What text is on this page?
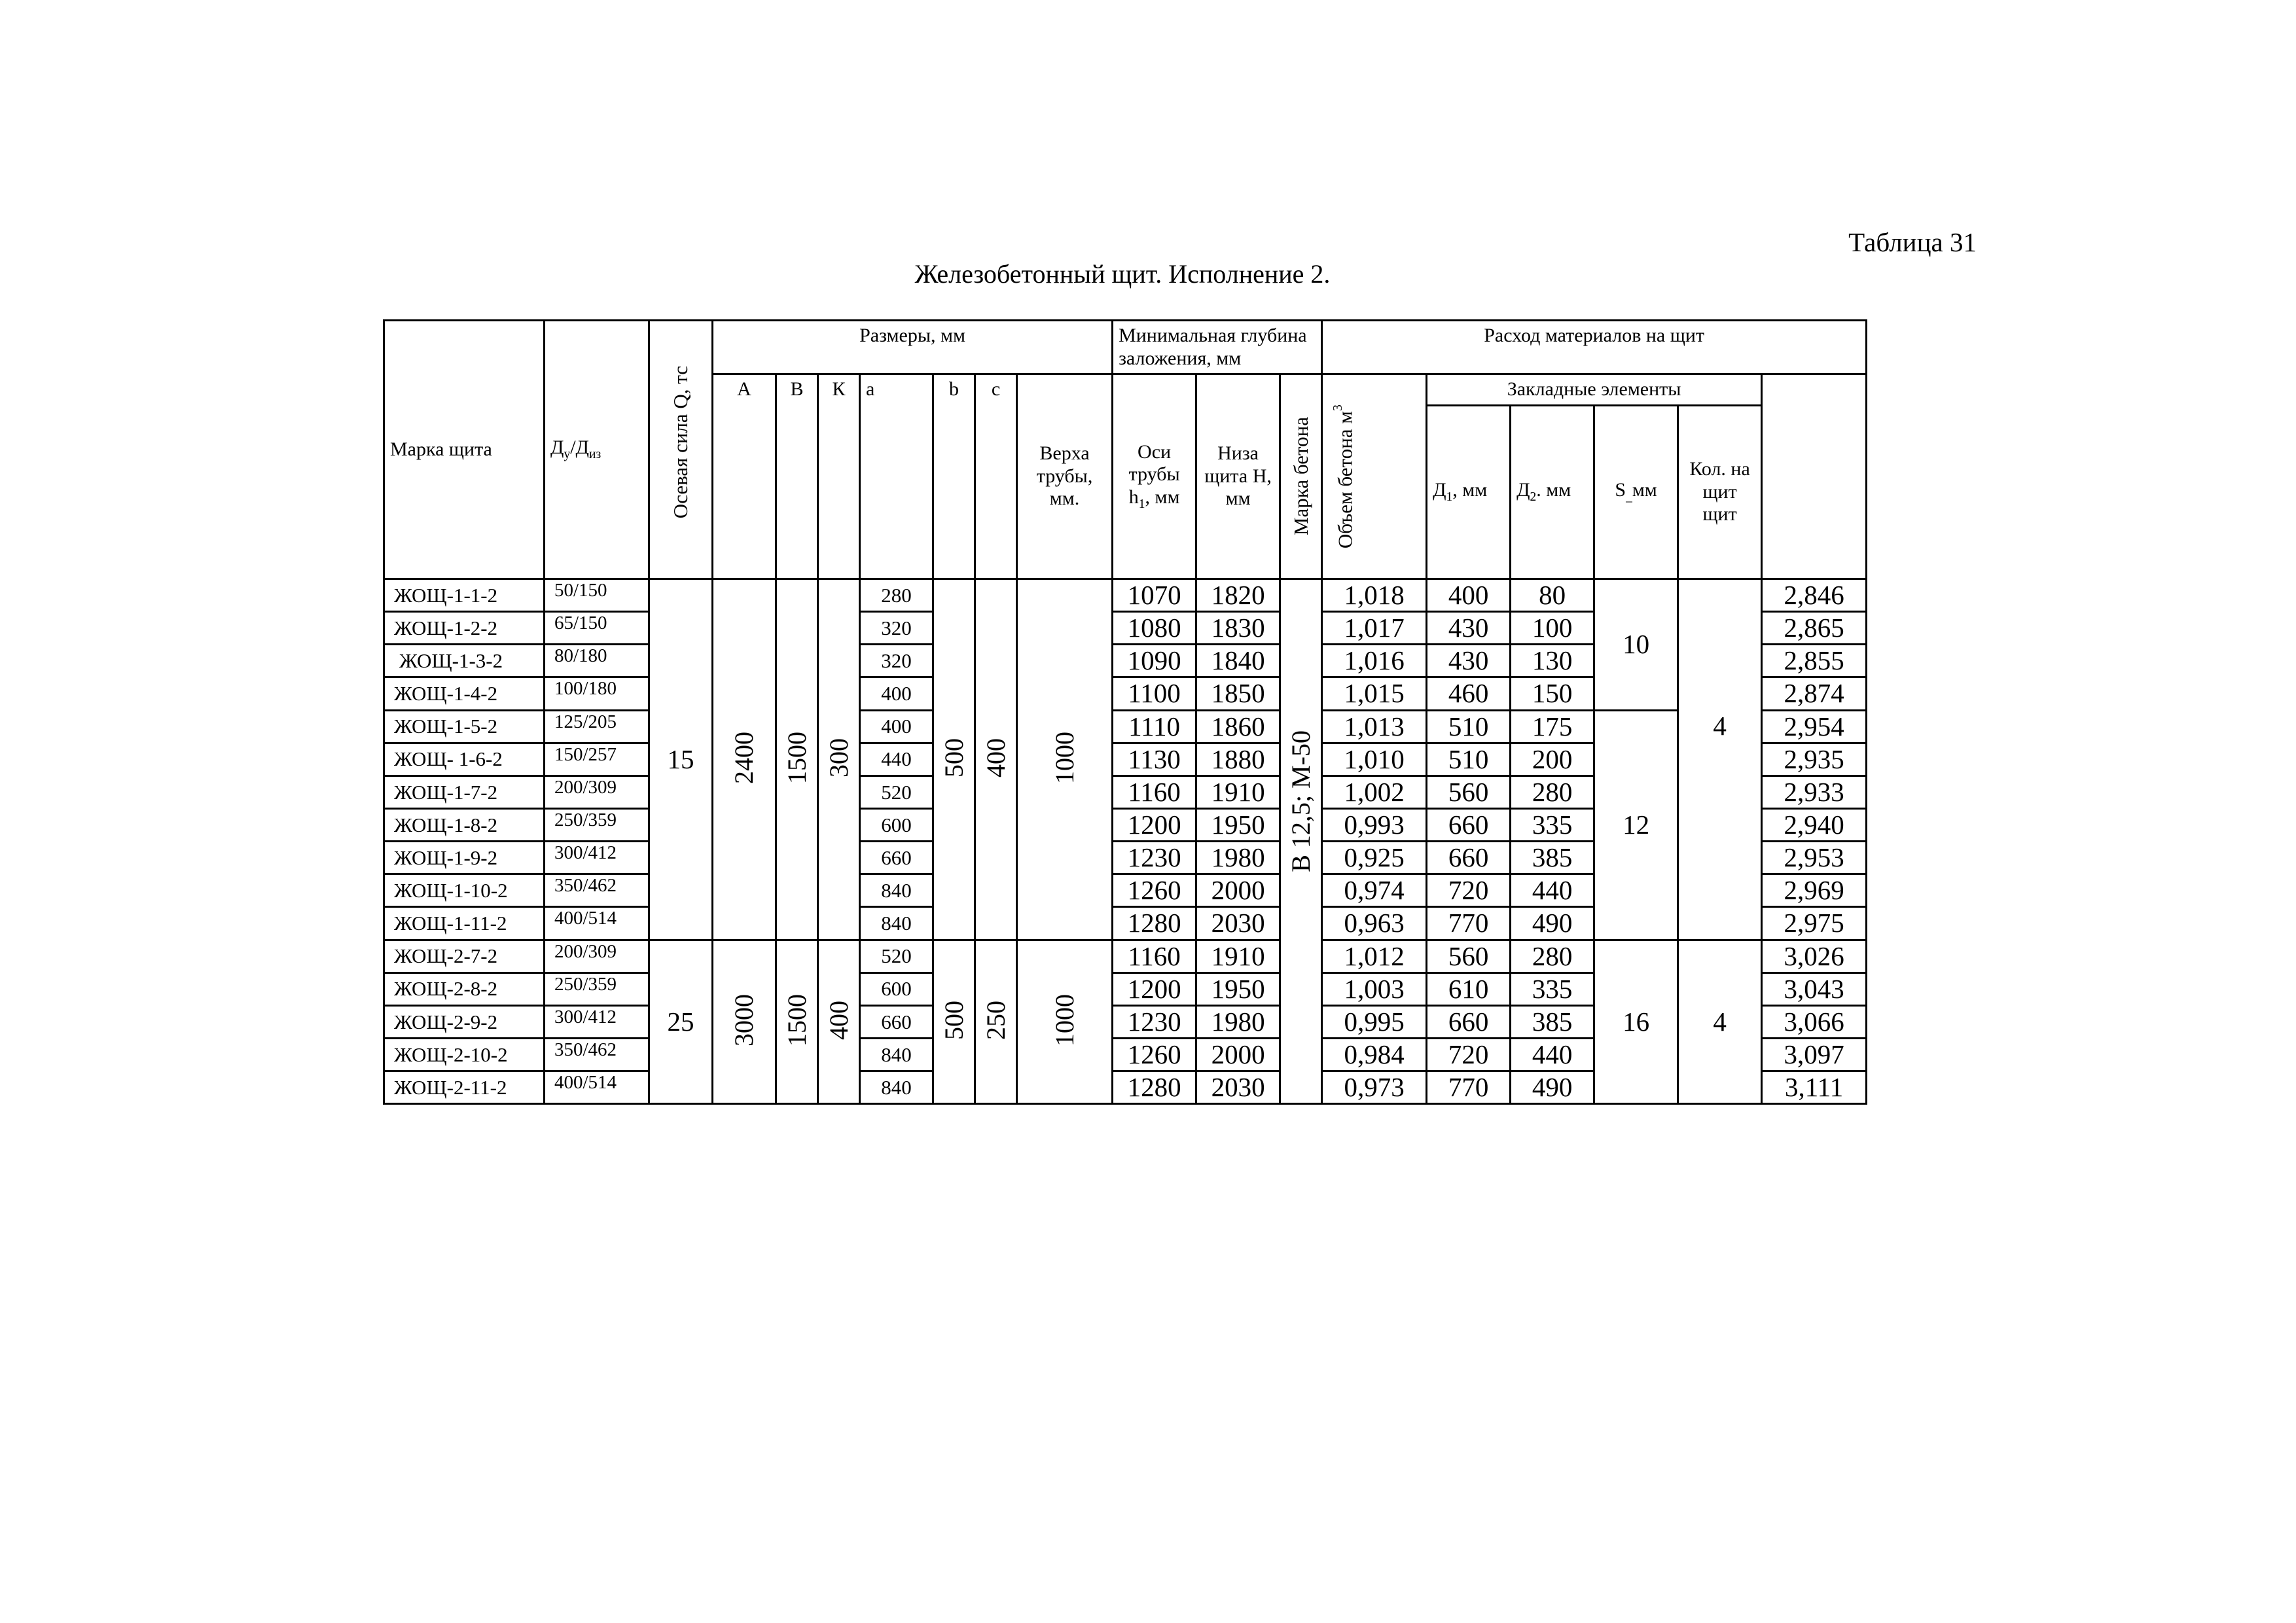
Таблица 31
Железобетонный щит. Исполнение 2.
Марка щита	$Д_у/Д_{из}$	Осевая сила Q, тс	Размеры, мм							Минимальная глубина заложения, мм			Расход материалов на щит	
			А	В	К	a	b	c	Верха трубы, мм.	Оси трубы $h_1$, мм	Низа щита Н, мм	Марка бетона	Объем бетона $м^3$	Закладные элементы					
														$Д_1$, мм	$Д_2$. мм	$S_{\_}мм$	Кол. на щит щит		
ЖОЩ-1-1-2	50/150	15	2400	1500	300	280	500	400	1000	1070	1820	В 12,5; М-50	1,018	400	80	10	4	2,846	
ЖОЩ-1-2-2	65/150					320				1080	1830		1,017	430	100			2,865	
ЖОЩ-1-3-2	80/180					320				1090	1840		1,016	430	130			2,855	
ЖОЩ-1-4-2	100/180					400				1100	1850		1,015	460	150			2,874	
ЖОЩ-1-5-2	125/205					400				1110	1860		1,013	510	175	12		2,954	
ЖОЩ- 1-6-2	150/257					440				1130	1880		1,010	510	200			2,935	
ЖОЩ-1-7-2	200/309					520				1160	1910		1,002	560	280			2,933	
ЖОЩ-1-8-2	250/359					600				1200	1950		0,993	660	335			2,940	
ЖОЩ-1-9-2	300/412					660				1230	1980		0,925	660	385			2,953	
ЖОЩ-1-10-2	350/462					840				1260	2000		0,974	720	440			2,969	
ЖОЩ-1-11-2	400/514					840				1280	2030		0,963	770	490			2,975	
ЖОЩ-2-7-2	200/309	25	3000	1500	400	520	500	250	1000	1160	1910		1,012	560	280	16	4	3,026	
ЖОЩ-2-8-2	250/359					600				1200	1950		1,003	610	335			3,043	
ЖОЩ-2-9-2	300/412					660				1230	1980		0,995	660	385			3,066	
ЖОЩ-2-10-2	350/462					840				1260	2000		0,984	720	440			3,097	
ЖОЩ-2-11-2	400/514					840				1280	2030		0,973	770	490			3,111	
